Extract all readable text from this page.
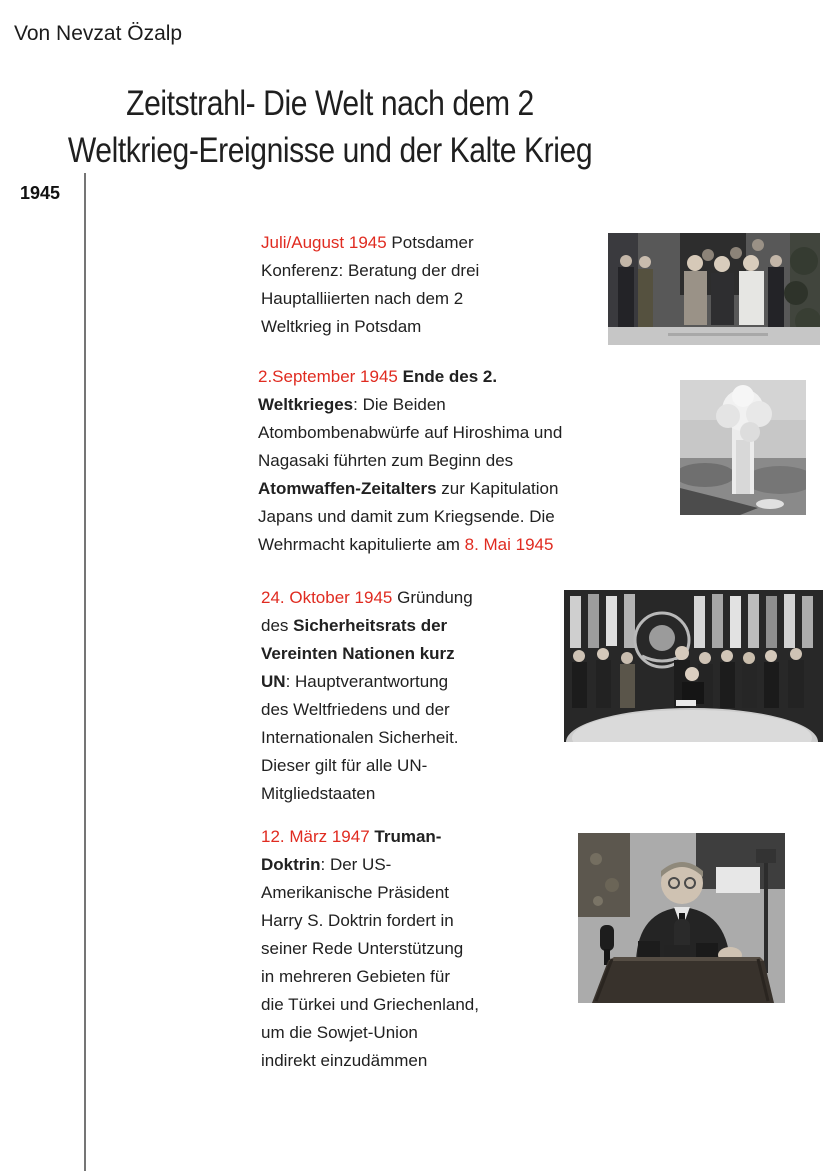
Von Nevzat Özalp
Zeitstrahl- Die Welt nach dem 2
Weltkrieg-Ereignisse und der Kalte Krieg
1945
Juli/August 1945 Potsdamer
Konferenz: Beratung der drei
Hauptalliierten nach dem 2
Weltkrieg in Potsdam
2.September 1945 Ende des 2.
Weltkrieges: Die Beiden
Atombombenabwürfe auf Hiroshima und
Nagasaki führten zum Beginn des
Atomwaffen-Zeitalters zur Kapitulation
Japans und damit zum Kriegsende. Die
Wehrmacht kapitulierte am 8. Mai 1945
24. Oktober 1945 Gründung
des Sicherheitsrats der
Vereinten Nationen kurz
UN: Hauptverantwortung
des Weltfriedens und der
Internationalen Sicherheit.
Dieser gilt für alle UN-
Mitgliedstaaten
12. März 1947 Truman-
Doktrin: Der US-
Amerikanische Präsident
Harry S. Doktrin fordert in
seiner Rede Unterstützung
in mehreren Gebieten für
die Türkei und Griechenland,
um die Sowjet-Union
indirekt einzudämmen
